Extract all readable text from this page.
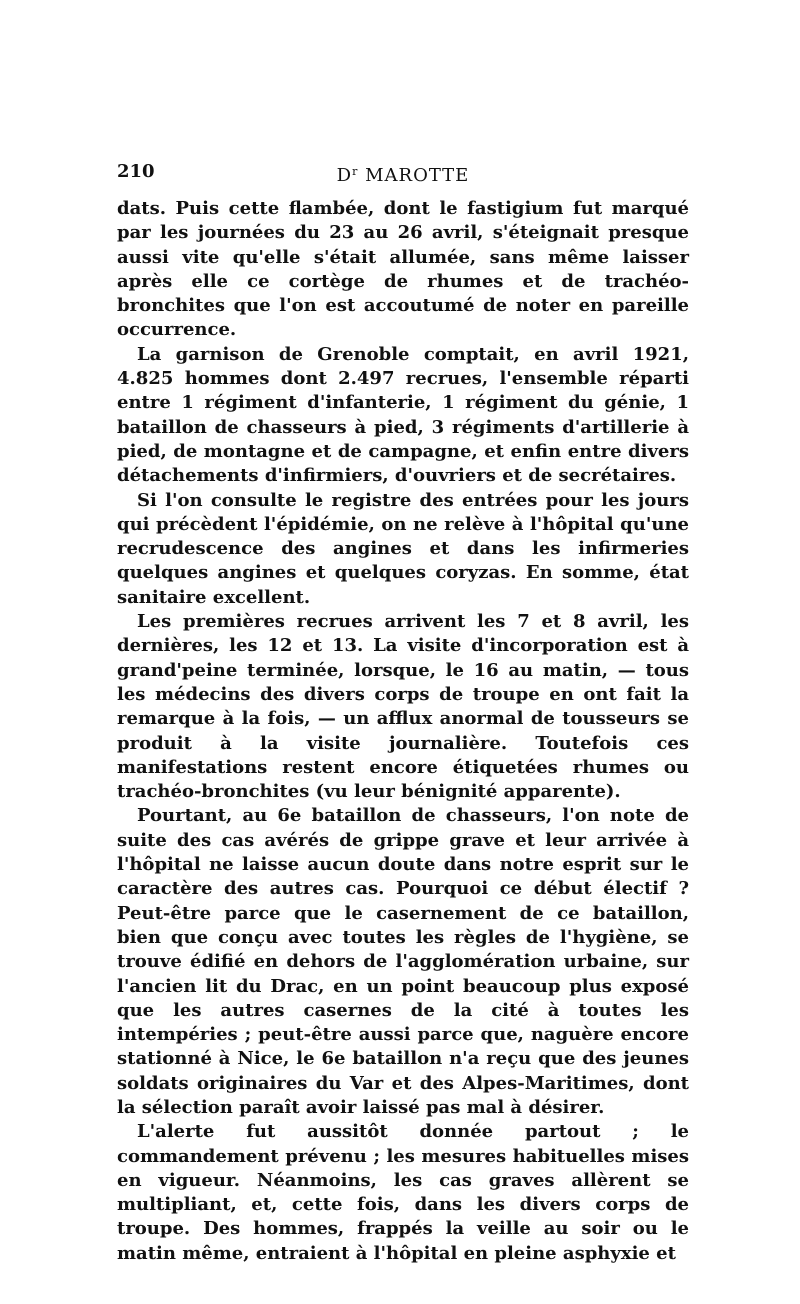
210	$D^r$ MAROTTE

dats. Puis cette flambée, dont le fastigium fut marqué par les journées du 23 au 26 avril, s'éteignait presque aussi vite qu'elle s'était allumée, sans même laisser après elle ce cortège de rhumes et de trachéo-bronchites que l'on est accoutumé de noter en pareille occurrence.

La garnison de Grenoble comptait, en avril 1921, 4.825 hommes dont 2.497 recrues, l'ensemble réparti entre 1 régiment d'infanterie, 1 régiment du génie, 1 bataillon de chasseurs à pied, 3 régiments d'artillerie à pied, de montagne et de campagne, et enfin entre divers détachements d'infirmiers, d'ouvriers et de secrétaires.

Si l'on consulte le registre des entrées pour les jours qui précèdent l'épidémie, on ne relève à l'hôpital qu'une recrudescence des angines et dans les infirmeries quelques angines et quelques coryzas. En somme, état sanitaire excellent.

Les premières recrues arrivent les 7 et 8 avril, les dernières, les 12 et 13. La visite d'incorporation est à grand'peine terminée, lorsque, le 16 au matin, — tous les médecins des divers corps de troupe en ont fait la remarque à la fois, — un afflux anormal de tousseurs se produit à la visite journalière. Toutefois ces manifestations restent encore étiquetées rhumes ou trachéo-bronchites (vu leur bénignité apparente).

Pourtant, au 6e bataillon de chasseurs, l'on note de suite des cas avérés de grippe grave et leur arrivée à l'hôpital ne laisse aucun doute dans notre esprit sur le caractère des autres cas. Pourquoi ce début électif ? Peut-être parce que le casernement de ce bataillon, bien que conçu avec toutes les règles de l'hygiène, se trouve édifié en dehors de l'agglomération urbaine, sur l'ancien lit du Drac, en un point beaucoup plus exposé que les autres casernes de la cité à toutes les intempéries ; peut-être aussi parce que, naguère encore stationné à Nice, le 6e bataillon n'a reçu que des jeunes soldats originaires du Var et des Alpes-Maritimes, dont la sélection paraît avoir laissé pas mal à désirer.

L'alerte fut aussitôt donnée partout ; le commandement prévenu ; les mesures habituelles mises en vigueur. Néanmoins, les cas graves allèrent se multipliant, et, cette fois, dans les divers corps de troupe. Des hommes, frappés la veille au soir ou le matin même, entraient à l'hôpital en pleine asphyxie et
